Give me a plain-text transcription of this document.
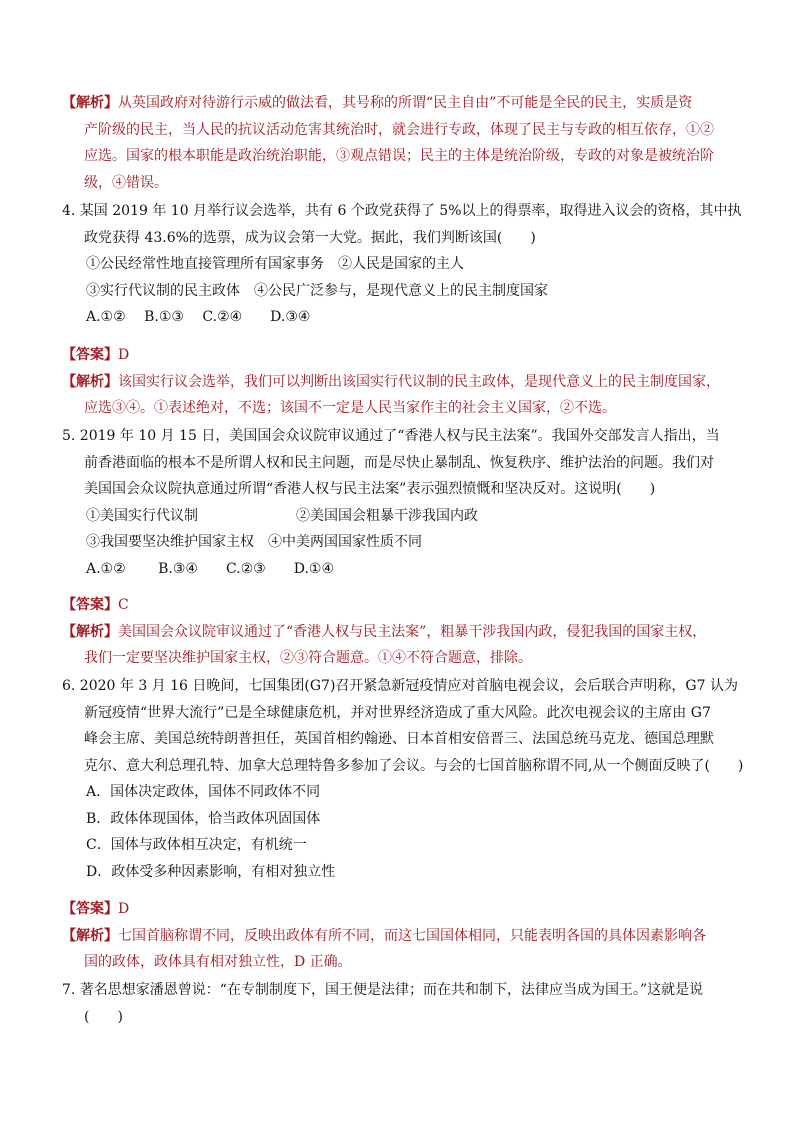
【解析】从英国政府对待游行示威的做法看，其号称的所谓“民主自由”不可能是全民的民主，实质是资
产阶级的民主，当人民的抗议活动危害其统治时，就会进行专政，体现了民主与专政的相互依存，①②
应选。国家的根本职能是政治统治职能，③观点错误；民主的主体是统治阶级，专政的对象是被统治阶
级，④错误。
4. 某国 2019 年 10 月举行议会选举，共有 6 个政党获得了 5%以上的得票率，取得进入议会的资格，其中执
政党获得 43.6%的选票，成为议会第一大党。据此，我们判断该国(　　)
①公民经常性地直接管理所有国家事务　②人民是国家的主人
③实行代议制的民主政体　④公民广泛参与，是现代意义上的民主制度国家
A.①②　 B.①③　 C.②④　　D.③④
【答案】D
【解析】该国实行议会选举，我们可以判断出该国实行代议制的民主政体，是现代意义上的民主制度国家，
应选③④。①表述绝对，不选；该国不一定是人民当家作主的社会主义国家，②不选。
5. 2019 年 10 月 15 日，美国国会众议院审议通过了“香港人权与民主法案”。我国外交部发言人指出，当
前香港面临的根本不是所谓人权和民主问题，而是尽快止暴制乱、恢复秩序、维护法治的问题。我们对
美国国会众议院执意通过所谓“香港人权与民主法案”表示强烈愤慨和坚决反对。这说明(　　)
①美国实行代议制　　　　　　　②美国国会粗暴干涉我国内政
③我国要坚决维护国家主权　④中美两国国家性质不同
A.①②　　 B.③④　　C.②③　　D.①④
【答案】C
【解析】美国国会众议院审议通过了“香港人权与民主法案”，粗暴干涉我国内政，侵犯我国的国家主权，
我们一定要坚决维护国家主权，②③符合题意。①④不符合题意，排除。
6. 2020 年 3 月 16 日晚间，七国集团(G7)召开紧急新冠疫情应对首脑电视会议，会后联合声明称，G7 认为
新冠疫情“世界大流行”已是全球健康危机，并对世界经济造成了重大风险。此次电视会议的主席由 G7
峰会主席、美国总统特朗普担任，英国首相约翰逊、日本首相安倍晋三、法国总统马克龙、德国总理默
克尔、意大利总理孔特、加拿大总理特鲁多参加了会议。与会的七国首脑称谓不同,从一个侧面反映了(　　)
A．国体决定政体，国体不同政体不同
B．政体体现国体，恰当政体巩固国体
C．国体与政体相互决定，有机统一
D．政体受多种因素影响，有相对独立性
【答案】D
【解析】七国首脑称谓不同，反映出政体有所不同，而这七国国体相同，只能表明各国的具体因素影响各
国的政体，政体具有相对独立性，D 正确。
7. 著名思想家潘恩曾说：“在专制制度下，国王便是法律；而在共和制下，法律应当成为国王。”这就是说
(　　)
